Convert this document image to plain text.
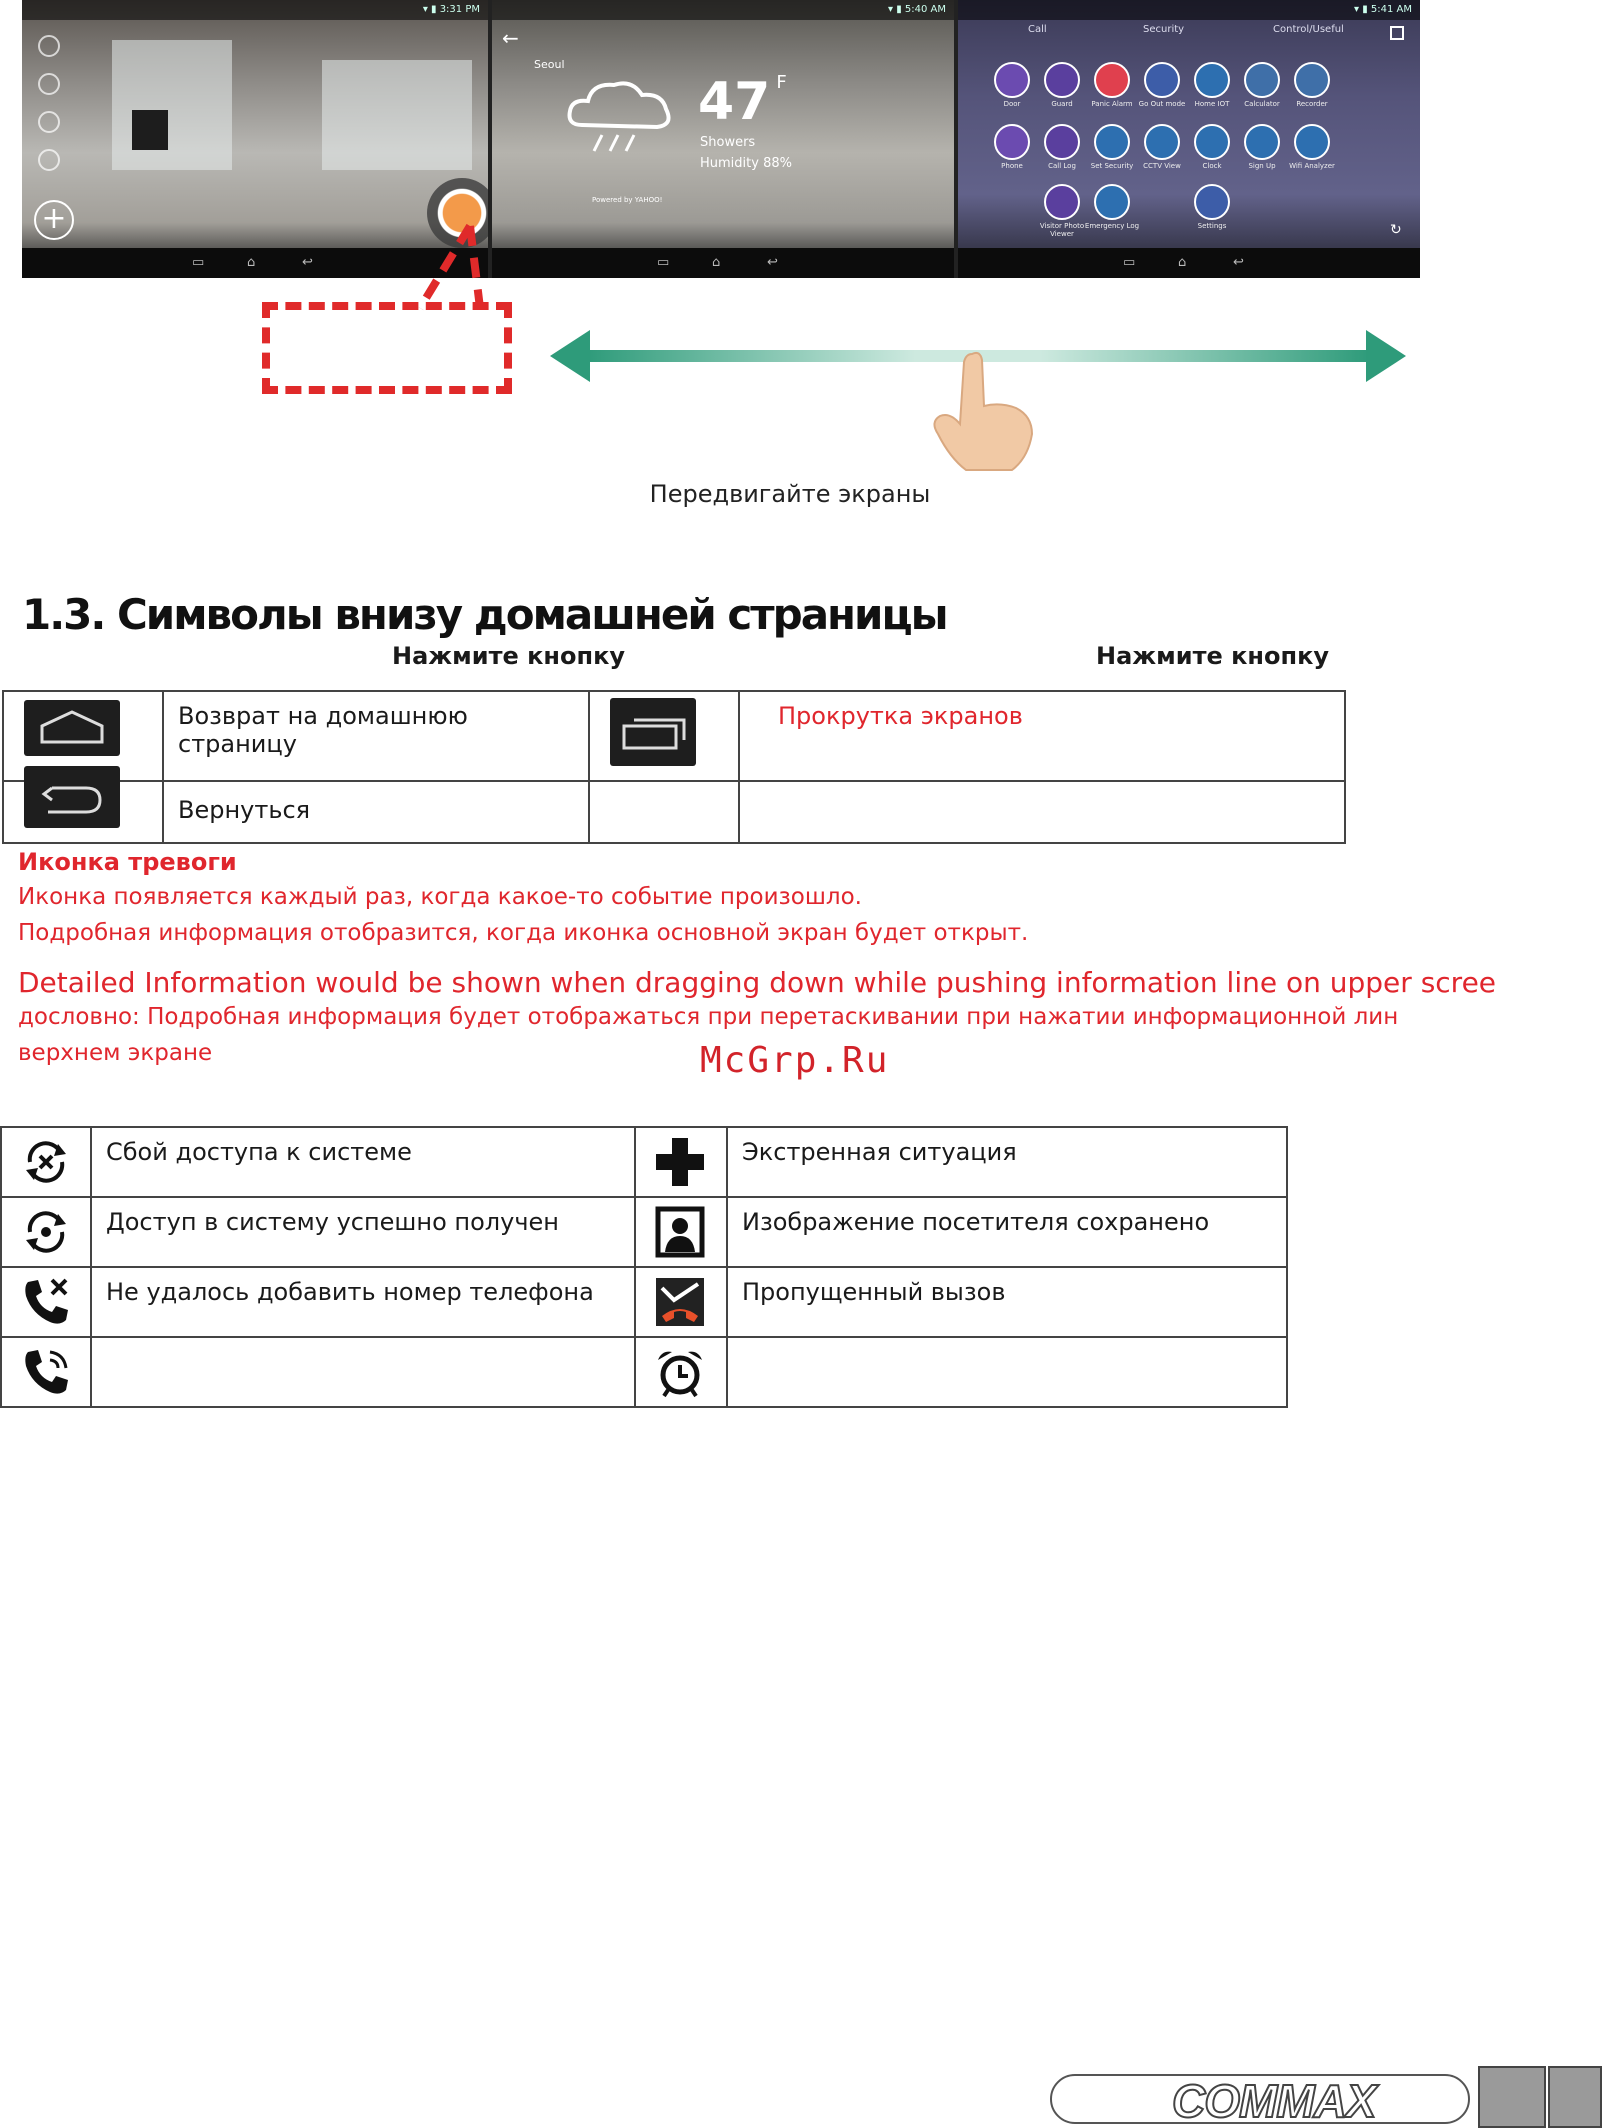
▾ ▮ 3:31 PM
+
▭	⌂	↩
▾ ▮ 5:40 AM
←
Seoul
47 $^F$
Showers
Humidity 88%
Powered by YAHOO!
▭	⌂	↩
▾ ▮ 5:41 AM
Call	Security	Control/Useful
Door	Guard	Panic Alarm Go Out mode	Home IOT	Calculator	Recorder
Phone	Call Log	Set Security	CCTV View	Clock	Sign Up	Wifi Analyzer
Visitor Photo Viewer
Emergency Log	Settings	↻
▭	⌂	↩
Передвигайте экраны
1.3. Символы внизу домашней страницы
Нажмите кнопку	Нажмите кнопку

Возврат на домашнюю страницу		Прокрутка экранов

Вернуться		

Иконка тревоги
Иконка появляется каждый раз, когда какое-то событие произошло.
Подробная информация отобразится, когда иконка основной экран будет открыт.
Detailed Information would be shown when dragging down while pushing information line on upper scree
дословно: Подробная информация будет отображаться при перетаскивании при нажатии информационной лин
верхнем экране	McGrp.Ru

Сбой доступа к системе		Экстренная ситуация

Доступ в систему успешно получен		Изображение посетителя сохранено

Не удалось добавить номер телефона		Пропущенный вызов

COMMAX
